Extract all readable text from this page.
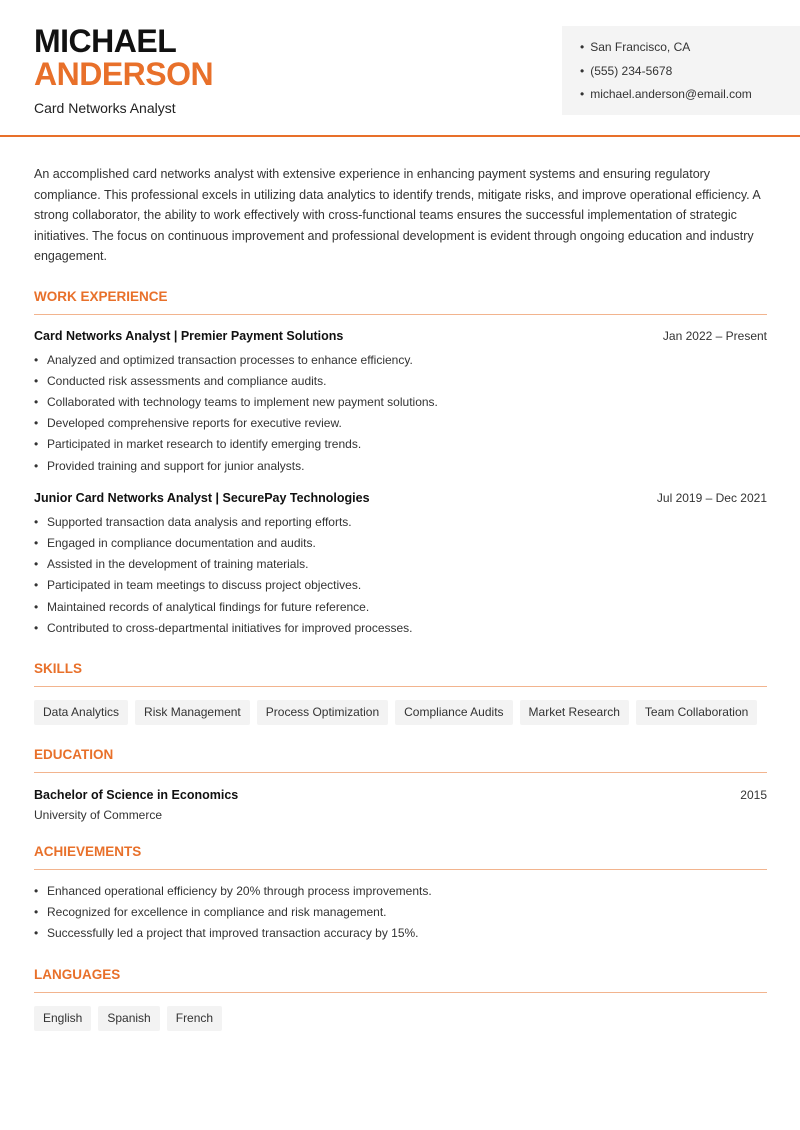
MICHAEL
ANDERSON
Card Networks Analyst
• San Francisco, CA
• (555) 234-5678
• michael.anderson@email.com

An accomplished card networks analyst with extensive experience in enhancing payment systems and ensuring regulatory compliance. This professional excels in utilizing data analytics to identify trends, mitigate risks, and improve operational efficiency. A strong collaborator, the ability to work effectively with cross-functional teams ensures the successful implementation of strategic initiatives. The focus on continuous improvement and professional development is evident through ongoing education and industry engagement.

WORK EXPERIENCE
Card Networks Analyst | Premier Payment Solutions	Jan 2022 – Present
• Analyzed and optimized transaction processes to enhance efficiency.
• Conducted risk assessments and compliance audits.
• Collaborated with technology teams to implement new payment solutions.
• Developed comprehensive reports for executive review.
• Participated in market research to identify emerging trends.
• Provided training and support for junior analysts.
Junior Card Networks Analyst | SecurePay Technologies	Jul 2019 – Dec 2021
• Supported transaction data analysis and reporting efforts.
• Engaged in compliance documentation and audits.
• Assisted in the development of training materials.
• Participated in team meetings to discuss project objectives.
• Maintained records of analytical findings for future reference.
• Contributed to cross-departmental initiatives for improved processes.
SKILLS
Data Analytics	Risk Management	Process Optimization	Compliance Audits	Market Research	Team Collaboration
EDUCATION
Bachelor of Science in Economics	2015
University of Commerce
ACHIEVEMENTS
• Enhanced operational efficiency by 20% through process improvements.
• Recognized for excellence in compliance and risk management.
• Successfully led a project that improved transaction accuracy by 15%.
LANGUAGES
English	Spanish	French
